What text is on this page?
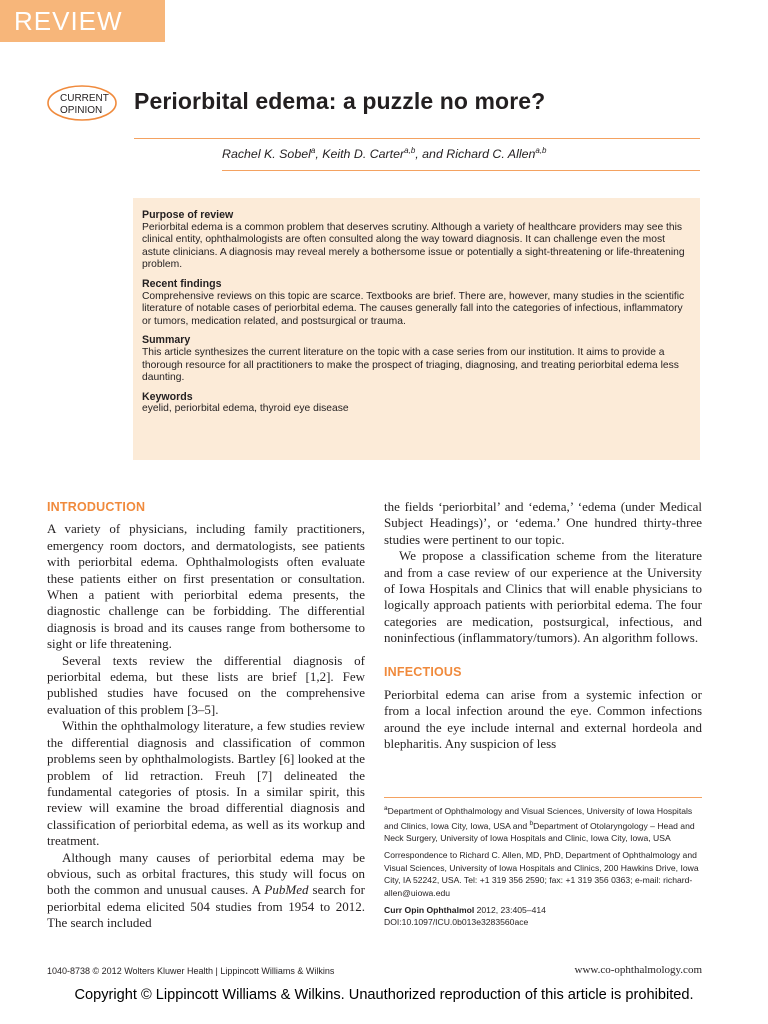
REVIEW
CURRENT
OPINION Periorbital edema: a puzzle no more?
Rachel K. Sobel$^a$, Keith D. Carter$^{a,b}$, and Richard C. Allen$^{a,b}$
Purpose of review

Periorbital edema is a common problem that deserves scrutiny. Although a variety of healthcare providers may see this clinical entity, ophthalmologists are often consulted along the way toward diagnosis. It can challenge even the most astute clinicians. A diagnosis may reveal merely a bothersome issue or potentially a sight-threatening or life-threatening problem.

Recent findings

Comprehensive reviews on this topic are scarce. Textbooks are brief. There are, however, many studies in the scientific literature of notable cases of periorbital edema. The causes generally fall into the categories of infectious, inflammatory or tumors, medication related, and postsurgical or trauma.

Summary

This article synthesizes the current literature on the topic with a case series from our institution. It aims to provide a thorough resource for all practitioners to make the prospect of triaging, diagnosing, and treating periorbital edema less daunting.

Keywords

eyelid, periorbital edema, thyroid eye disease

INTRODUCTION

A variety of physicians, including family practitioners, emergency room doctors, and dermatologists, see patients with periorbital edema. Ophthalmologists often evaluate these patients either on first presentation or consultation. When a patient with periorbital edema presents, the diagnostic challenge can be forbidding. The differential diagnosis is broad and its causes range from bothersome to sight or life threatening.

Several texts review the differential diagnosis of periorbital edema, but these lists are brief [1,2]. Few published studies have focused on the comprehensive evaluation of this problem [3–5].

Within the ophthalmology literature, a few studies review the differential diagnosis and classification of common problems seen by ophthalmologists. Bartley [6] looked at the problem of lid retraction. Freuh [7] delineated the fundamental categories of ptosis. In a similar spirit, this review will examine the broad differential diagnosis and classification of periorbital edema, as well as its workup and treatment.

Although many causes of periorbital edema may be obvious, such as orbital fractures, this study will focus on both the common and unusual causes. A PubMed search for periorbital edema elicited 504 studies from 1954 to 2012. The search included

the fields ‘periorbital’ and ‘edema,’ ‘edema (under Medical Subject Headings)’, or ‘edema.’ One hundred thirty-three studies were pertinent to our topic.

We propose a classification scheme from the literature and from a case review of our experience at the University of Iowa Hospitals and Clinics that will enable physicians to logically approach patients with periorbital edema. The four categories are medication, postsurgical, infectious, and noninfectious (inflammatory/tumors). An algorithm follows.

INFECTIOUS

Periorbital edema can arise from a systemic infection or from a local infection around the eye. Common infections around the eye include internal and external hordeola and blepharitis. Any suspicion of less

$^a$Department of Ophthalmology and Visual Sciences, University of Iowa Hospitals and Clinics, Iowa City, Iowa, USA and $^b$Department of Otolaryngology – Head and Neck Surgery, University of Iowa Hospitals and Clinic, Iowa City, Iowa, USA

Correspondence to Richard C. Allen, MD, PhD, Department of Ophthalmology and Visual Sciences, University of Iowa Hospitals and Clinics, 200 Hawkins Drive, Iowa City, IA 52242, USA. Tel: +1 319 356 2590; fax: +1 319 356 0363; e-mail: richard-allen@uiowa.edu

Curr Opin Ophthalmol 2012, 23:405–414
DOI:10.1097/ICU.0b013e3283560ace

1040-8738 © 2012 Wolters Kluwer Health | Lippincott Williams & Wilkins	www.co-ophthalmology.com
Copyright © Lippincott Williams & Wilkins. Unauthorized reproduction of this article is prohibited.
